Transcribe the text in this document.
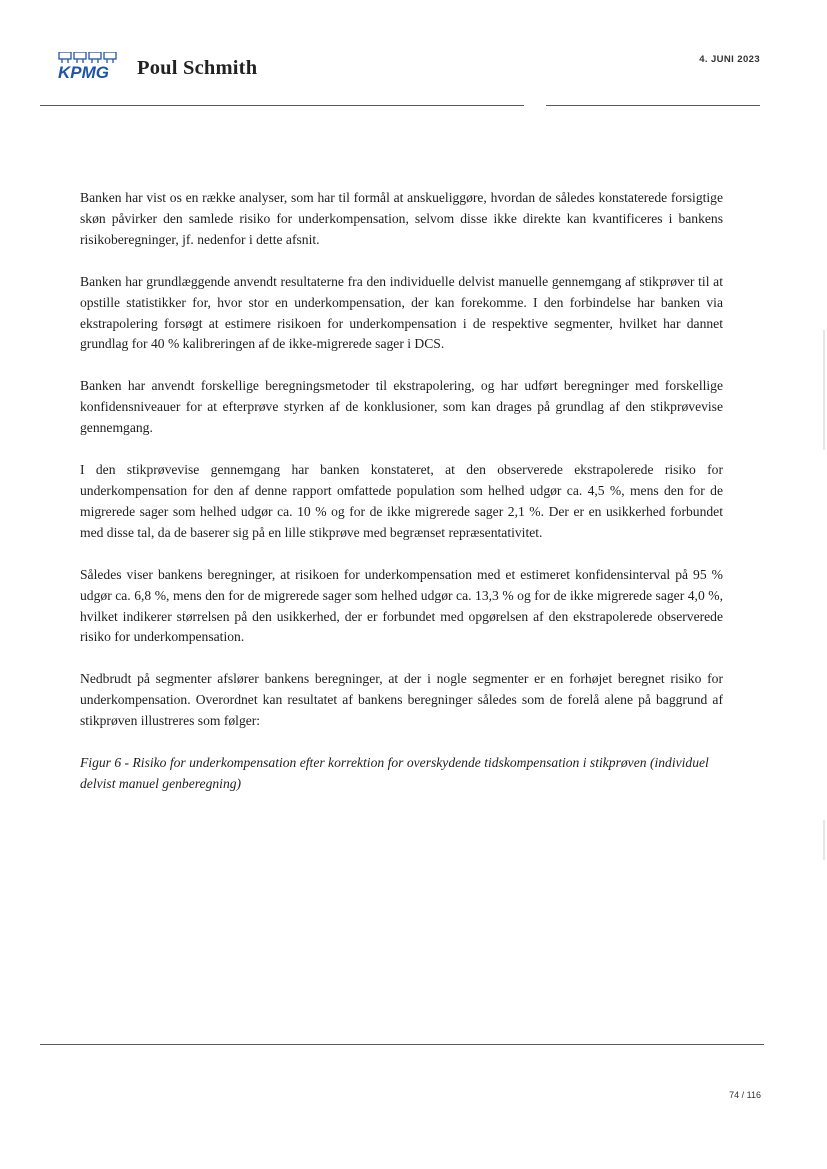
KPMG Poul Schmith	4. JUNI 2023

Banken har vist os en række analyser, som har til formål at anskueliggøre, hvordan de således konstaterede forsigtige skøn påvirker den samlede risiko for underkompensation, selvom disse ikke direkte kan kvantificeres i bankens risikoberegninger, jf. nedenfor i dette afsnit.

Banken har grundlæggende anvendt resultaterne fra den individuelle delvist manuelle gennemgang af stikprøver til at opstille statistikker for, hvor stor en underkompensation, der kan forekomme. I den forbindelse har banken via ekstrapolering forsøgt at estimere risikoen for underkompensation i de respektive segmenter, hvilket har dannet grundlag for 40 % kalibreringen af de ikke-migrerede sager i DCS.

Banken har anvendt forskellige beregningsmetoder til ekstrapolering, og har udført beregninger med forskellige konfidensniveauer for at efterprøve styrken af de konklusioner, som kan drages på grundlag af den stikprøvevise gennemgang.

I den stikprøvevise gennemgang har banken konstateret, at den observerede ekstrapolerede risiko for underkompensation for den af denne rapport omfattede population som helhed udgør ca. 4,5 %, mens den for de migrerede sager som helhed udgør ca. 10 % og for de ikke migrerede sager 2,1 %. Der er en usikkerhed forbundet med disse tal, da de baserer sig på en lille stikprøve med begrænset repræsentativitet.

Således viser bankens beregninger, at risikoen for underkompensation med et estimeret konfidensinterval på 95 % udgør ca. 6,8 %, mens den for de migrerede sager som helhed udgør ca. 13,3 % og for de ikke migrerede sager 4,0 %, hvilket indikerer størrelsen på den usikkerhed, der er forbundet med opgørelsen af den ekstrapolerede observerede risiko for underkompensation.

Nedbrudt på segmenter afslører bankens beregninger, at der i nogle segmenter er en forhøjet beregnet risiko for underkompensation. Overordnet kan resultatet af bankens beregninger således som de forelå alene på baggrund af stikprøven illustreres som følger:

Figur 6 - Risiko for underkompensation efter korrektion for overskydende tidskompensation i stikprøven (individuel delvist manuel genberegning)

74 / 116
